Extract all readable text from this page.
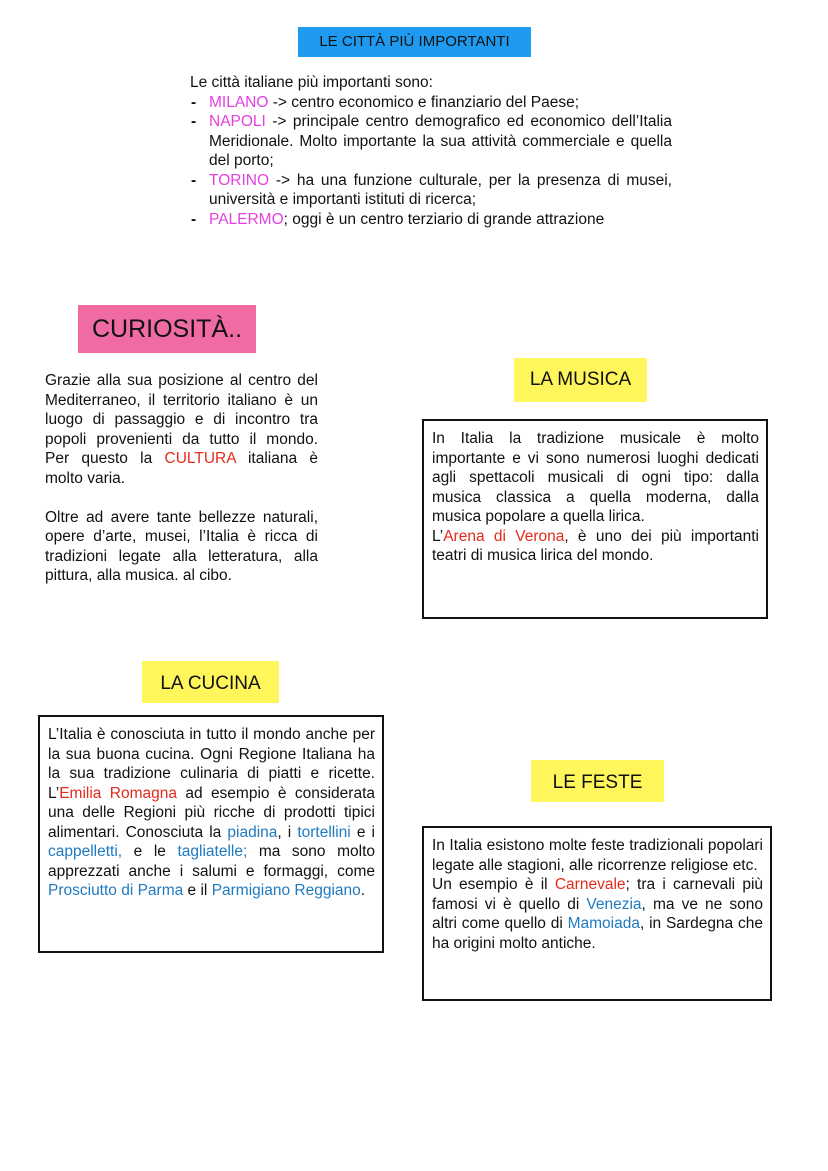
LE CITTÀ PIÙ IMPORTANTI

Le città italiane più importanti sono:

- MILANO -> centro economico e finanziario del Paese;
- NAPOLI -> principale centro demografico ed economico dell’Italia Meridionale. Molto importante la sua attività commerciale e quella del porto;
- TORINO -> ha una funzione culturale, per la presenza di musei, università e importanti istituti di ricerca;
- PALERMO; oggi è un centro terziario di grande attrazione
CURIOSITÀ..

Grazie alla sua posizione al centro del Mediterraneo, il territorio italiano è un luogo di passaggio e di incontro tra popoli provenienti da tutto il mondo. Per questo la CULTURA italiana è molto varia.

Oltre ad avere tante bellezze naturali, opere d’arte, musei, l’Italia è ricca di tradizioni legate alla letteratura, alla pittura, alla musica. al cibo.

LA MUSICA

In Italia la tradizione musicale è molto importante e vi sono numerosi luoghi dedicati agli spettacoli musicali di ogni tipo: dalla musica classica a quella moderna, dalla musica popolare a quella lirica.

L’Arena di Verona, è uno dei più importanti teatri di musica lirica del mondo.

LA CUCINA

L’Italia è conosciuta in tutto il mondo anche per la sua buona cucina. Ogni Regione Italiana ha la sua tradizione culinaria di piatti e ricette. L’Emilia Romagna ad esempio è considerata una delle Regioni più ricche di prodotti tipici alimentari. Conosciuta la piadina, i tortellini e i cappelletti, e le tagliatelle; ma sono molto apprezzati anche i salumi e formaggi, come Prosciutto di Parma e il Parmigiano Reggiano.

LE FESTE

In Italia esistono molte feste tradizionali popolari legate alle stagioni, alle ricorrenze religiose etc.

Un esempio è il Carnevale; tra i carnevali più famosi vi è quello di Venezia, ma ve ne sono altri come quello di Mamoiada, in Sardegna che ha origini molto antiche.
